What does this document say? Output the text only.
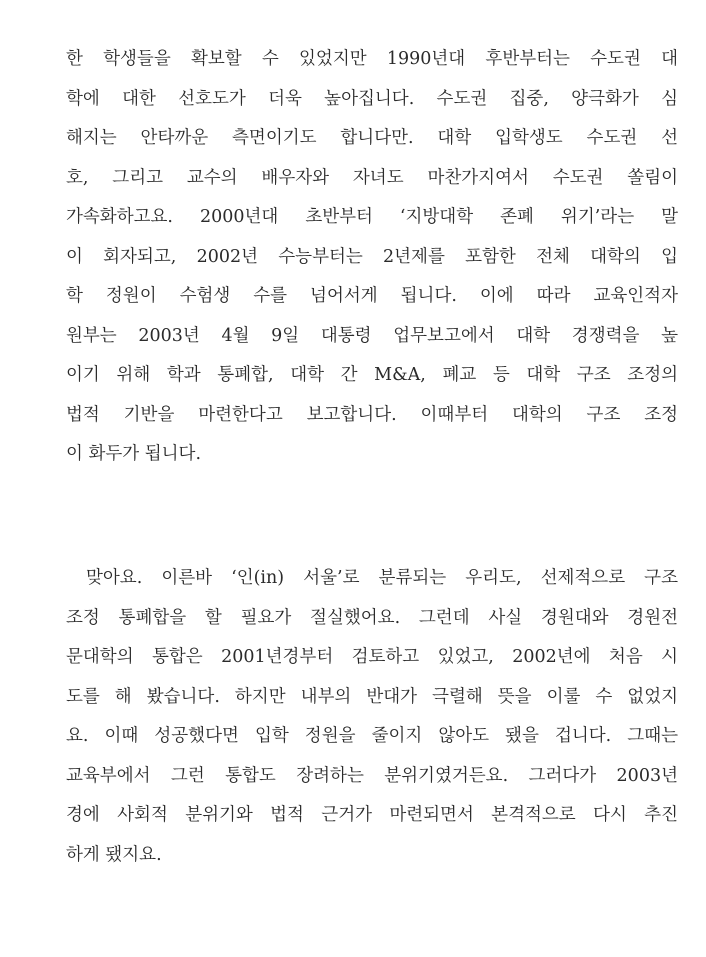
한 학생들을 확보할 수 있었지만 1990년대 후반부터는 수도권 대
학에 대한 선호도가 더욱 높아집니다. 수도권 집중, 양극화가 심
해지는 안타까운 측면이기도 합니다만. 대학 입학생도 수도권 선
호, 그리고 교수의 배우자와 자녀도 마찬가지여서 수도권 쏠림이
가속화하고요. 2000년대 초반부터 ‘지방대학 존폐 위기’라는 말
이 회자되고, 2002년 수능부터는 2년제를 포함한 전체 대학의 입
학 정원이 수험생 수를 넘어서게 됩니다. 이에 따라 교육인적자
원부는 2003년 4월 9일 대통령 업무보고에서 대학 경쟁력을 높
이기 위해 학과 통폐합, 대학 간 M&A, 폐교 등 대학 구조 조정의
법적 기반을 마련한다고 보고합니다. 이때부터 대학의 구조 조정
이 화두가 됩니다.
맞아요. 이른바 ‘인(in) 서울’로 분류되는 우리도, 선제적으로 구조
조정 통폐합을 할 필요가 절실했어요. 그런데 사실 경원대와 경원전
문대학의 통합은 2001년경부터 검토하고 있었고, 2002년에 처음 시
도를 해 봤습니다. 하지만 내부의 반대가 극렬해 뜻을 이룰 수 없었지
요. 이때 성공했다면 입학 정원을 줄이지 않아도 됐을 겁니다. 그때는
교육부에서 그런 통합도 장려하는 분위기였거든요. 그러다가 2003년
경에 사회적 분위기와 법적 근거가 마련되면서 본격적으로 다시 추진
하게 됐지요.
